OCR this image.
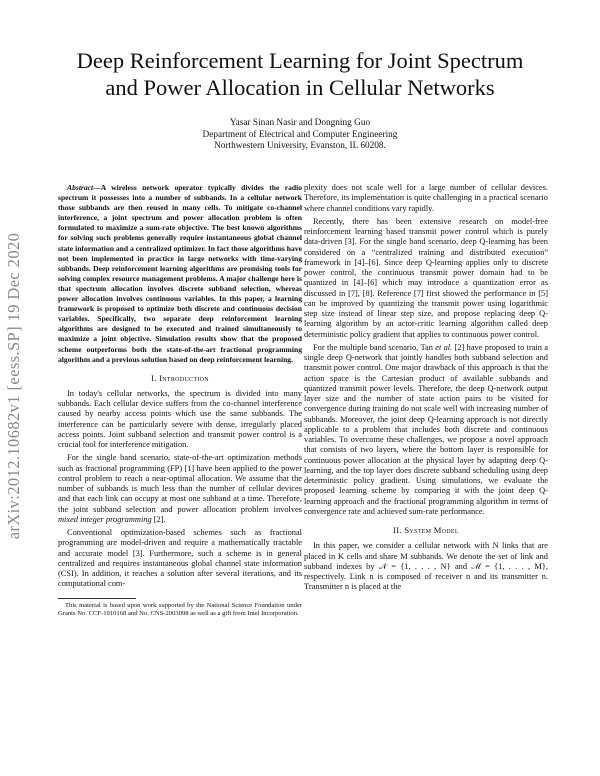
arXiv:2012.10682v1 [eess.SP] 19 Dec 2020
Deep Reinforcement Learning for Joint Spectrum
and Power Allocation in Cellular Networks
Yasar Sinan Nasir and Dongning Guo
Department of Electrical and Computer Engineering
Northwestern University, Evanston, IL 60208.

Abstract—A wireless network operator typically divides the radio spectrum it possesses into a number of subbands. In a cellular network those subbands are then reused in many cells. To mitigate co-channel interference, a joint spectrum and power allocation problem is often formulated to maximize a sum-rate objective. The best known algorithms for solving such problems generally require instantaneous global channel state information and a centralized optimizer. In fact those algorithms have not been implemented in practice in large networks with time-varying subbands. Deep reinforcement learning algorithms are promising tools for solving complex resource management problems. A major challenge here is that spectrum allocation involves discrete subband selection, whereas power allocation involves continuous variables. In this paper, a learning framework is proposed to optimize both discrete and continuous decision variables. Specifically, two separate deep reinforcement learning algorithms are designed to be executed and trained simultaneously to maximize a joint objective. Simulation results show that the proposed scheme outperforms both the state-of-the-art fractional programming algorithm and a previous solution based on deep reinforcement learning.

I. Introduction

In today's cellular networks, the spectrum is divided into many subbands. Each cellular device suffers from the co-channel interference caused by nearby access points which use the same subbands. The interference can be particularly severe with dense, irregularly placed access points. Joint subband selection and transmit power control is a crucial tool for interference mitigation.

For the single band scenario, state-of-the-art optimization methods such as fractional programming (FP) [1] have been applied to the power control problem to reach a near-optimal allocation. We assume that the number of subbands is much less than the number of cellular devices and that each link can occupy at most one subband at a time. Therefore, the joint subband selection and power allocation problem involves mixed integer programming [2].

Conventional optimization-based schemes such as fractional programming are model-driven and require a mathematically tractable and accurate model [3]. Furthermore, such a scheme is in general centralized and requires instantaneous global channel state information (CSI). In addition, it reaches a solution after several iterations, and its computational com-

This material is based upon work supported by the National Science Foundation under Grants No. CCF-1910168 and No. CNS-2003098 as well as a gift from Intel Incorporation.

plexity does not scale well for a large number of cellular devices. Therefore, its implementation is quite challenging in a practical scenario where channel conditions vary rapidly.

Recently, there has been extensive research on model-free reinforcement learning based transmit power control which is purely data-driven [3]. For the single band scenario, deep Q-learning has been considered on a “centralized training and distributed execution” framework in [4]–[6]. Since deep Q-learning applies only to discrete power control, the continuous transmit power domain had to be quantized in [4]–[6] which may introduce a quantization error as discussed in [7], [8]. Reference [7] first showed the performance in [5] can be improved by quantizing the transmit power using logarithmic step size instead of linear step size, and propose replacing deep Q-learning algorithm by an actor-critic learning algorithm called deep deterministic policy gradient that applies to continuous power control.

For the multiple band scenario, Tan et al. [2] have proposed to train a single deep Q-network that jointly handles both subband selection and transmit power control. One major drawback of this approach is that the action space is the Cartesian product of available subbands and quantized transmit power levels. Therefore, the deep Q-network output layer size and the number of state action pairs to be visited for convergence during training do not scale well with increasing number of subbands. Moreover, the joint deep Q-learning approach is not directly applicable to a problem that includes both discrete and continuous variables. To overcome these challenges, we propose a novel approach that consists of two layers, where the bottom layer is responsible for continuous power allocation at the physical layer by adapting deep Q-learning, and the top layer does discrete subband scheduling using deep deterministic policy gradient. Using simulations, we evaluate the proposed learning scheme by comparing it with the joint deep Q-learning approach and the fractional programming algorithm in terms of convergence rate and achieved sum-rate performance.

II. System Model

In this paper, we consider a cellular network with N links that are placed in K cells and share M subbands. We denote the set of link and subband indexes by 𝒩 = {1, . . . , N} and ℳ = {1, . . . , M}, respectively. Link n is composed of receiver n and its transmitter n. Transmitter n is placed at the
